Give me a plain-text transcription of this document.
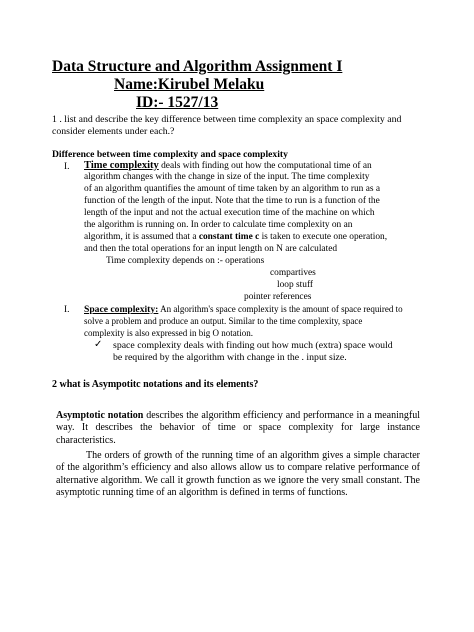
Data Structure and Algorithm Assignment I
Name:Kirubel Melaku
ID:- 1527/13
1 . list and describe the key difference between time complexity an space complexity and consider elements under each.?
Difference between time complexity and space complexity
I. Time complexity deals with finding out how the computational time of an
algorithm changes with the change in size of the input. The time complexity
of an algorithm quantifies the amount of time taken by an algorithm to run as a
function of the length of the input. Note that the time to run is a function of the
length of the input and not the actual execution time of the machine on which
the algorithm is running on. In order to calculate time complexity on an
algorithm, it is assumed that a constant time c is taken to execute one operation,
and then the total operations for an input length on N are calculated
Time complexity depends on :- operations
compartives
loop stuff
pointer references
I. Space complexity: An algorithm's space complexity is the amount of space required to
solve a problem and produce an output. Similar to the time complexity, space
complexity is also expressed in big O notation.
✓ space complexity deals with finding out how much (extra) space would
be required by the algorithm with change in the . input size.
2 what is Asympotitc notations and its elements?
Asymptotic notation describes the algorithm efficiency and performance in a meaningful way. It describes the behavior of time or space complexity for large instance characteristics.
The orders of growth of the running time of an algorithm gives a simple character of the algorithm’s efficiency and also allows allow us to compare relative performance of alternative algorithm. We call it growth function as we ignore the very small constant. The asymptotic running time of an algorithm is defined in terms of functions.
